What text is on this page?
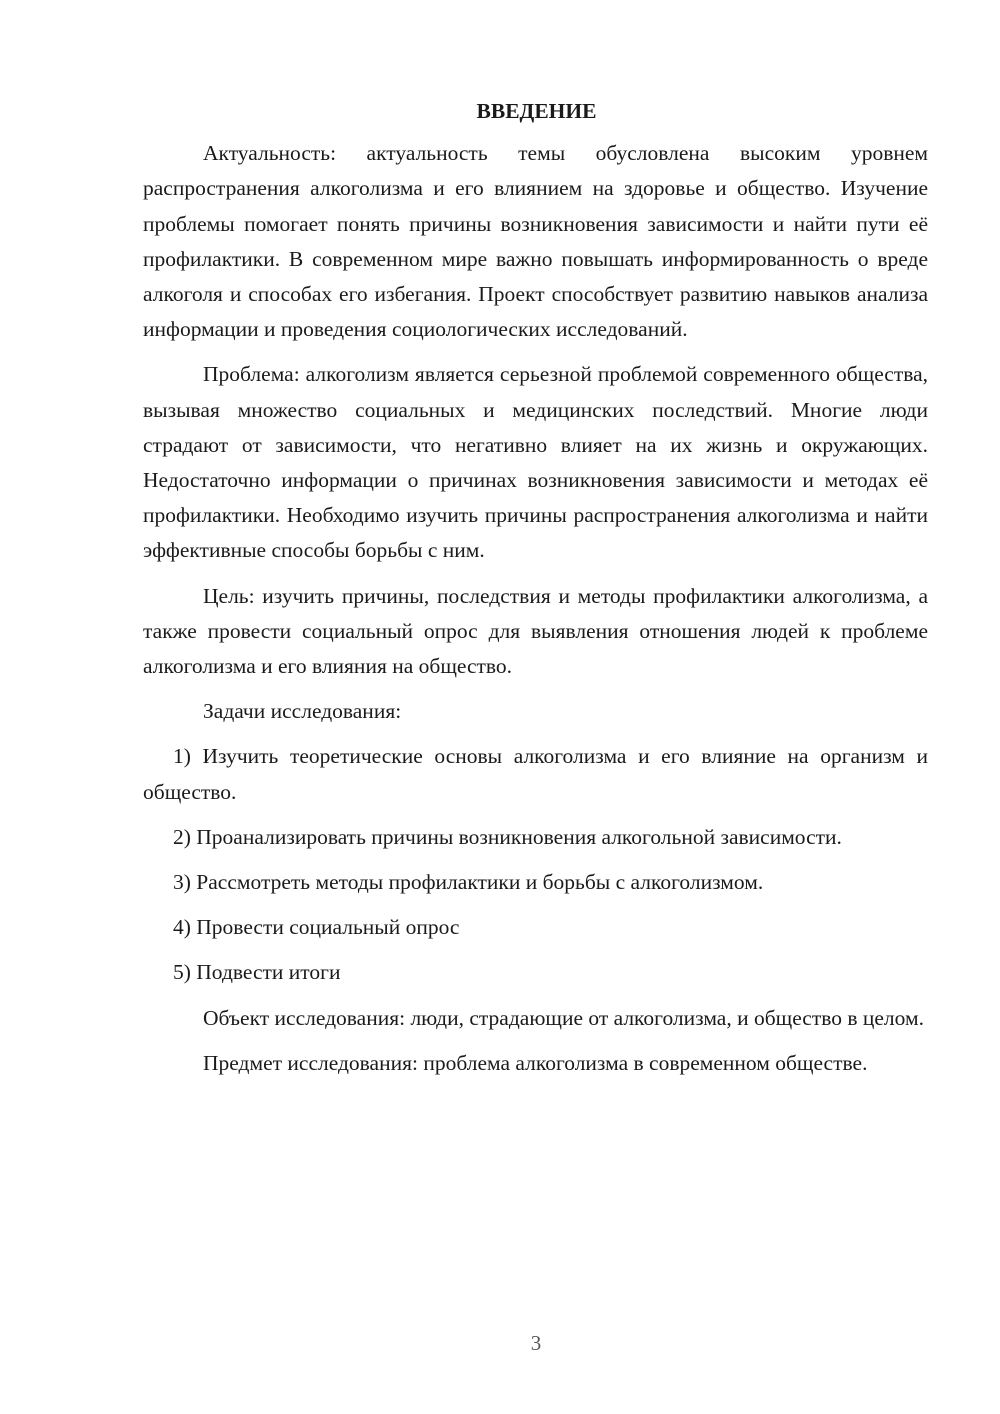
ВВЕДЕНИЕ

Актуальность: актуальность темы обусловлена высоким уровнем распространения алкоголизма и его влиянием на здоровье и общество. Изучение проблемы помогает понять причины возникновения зависимости и найти пути её профилактики. В современном мире важно повышать информированность о вреде алкоголя и способах его избегания. Проект способствует развитию навыков анализа информации и проведения социологических исследований.

Проблема: алкоголизм является серьезной проблемой современного общества, вызывая множество социальных и медицинских последствий. Многие люди страдают от зависимости, что негативно влияет на их жизнь и окружающих. Недостаточно информации о причинах возникновения зависимости и методах её профилактики. Необходимо изучить причины распространения алкоголизма и найти эффективные способы борьбы с ним.

Цель: изучить причины, последствия и методы профилактики алкоголизма, а также провести социальный опрос для выявления отношения людей к проблеме алкоголизма и его влияния на общество.

Задачи исследования:

1) Изучить теоретические основы алкоголизма и его влияние на организм и общество.

2) Проанализировать причины возникновения алкогольной зависимости.

3) Рассмотреть методы профилактики и борьбы с алкоголизмом.

4) Провести социальный опрос

5) Подвести итоги

Объект исследования: люди, страдающие от алкоголизма, и общество в целом.

Предмет исследования: проблема алкоголизма в современном обществе.

3
